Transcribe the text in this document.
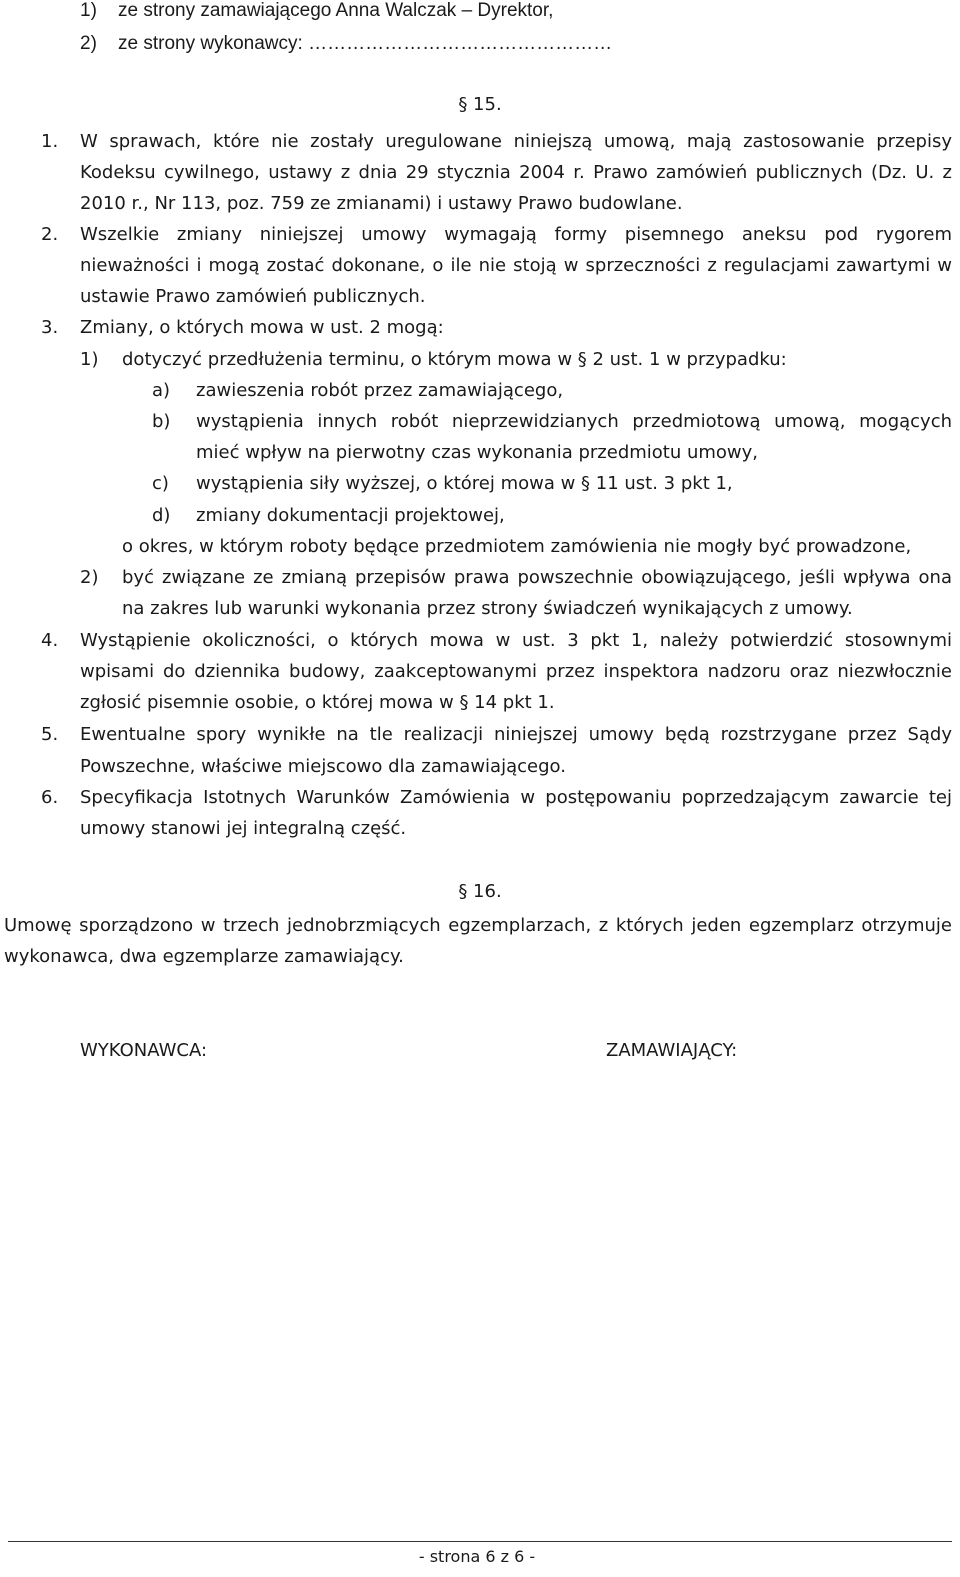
1) ze strony zamawiającego Anna Walczak – Dyrektor,
2) ze strony wykonawcy: …………………………………………
§ 15.
1. W sprawach, które nie zostały uregulowane niniejszą umową, mają zastosowanie przepisy
Kodeksu cywilnego, ustawy z dnia 29 stycznia 2004 r. Prawo zamówień publicznych (Dz. U. z
2010 r., Nr 113, poz. 759 ze zmianami) i ustawy Prawo budowlane.
2. Wszelkie zmiany niniejszej umowy wymagają formy pisemnego aneksu pod rygorem
nieważności i mogą zostać dokonane, o ile nie stoją w sprzeczności z regulacjami zawartymi w
ustawie Prawo zamówień publicznych.
3. Zmiany, o których mowa w ust. 2 mogą:
1) dotyczyć przedłużenia terminu, o którym mowa w § 2 ust. 1 w przypadku:
a) zawieszenia robót przez zamawiającego,
b) wystąpienia innych robót nieprzewidzianych przedmiotową umową, mogących
mieć wpływ na pierwotny czas wykonania przedmiotu umowy,
c) wystąpienia siły wyższej, o której mowa w § 11 ust. 3 pkt 1,
d) zmiany dokumentacji projektowej,
o okres, w którym roboty będące przedmiotem zamówienia nie mogły być prowadzone,
2) być związane ze zmianą przepisów prawa powszechnie obowiązującego, jeśli wpływa ona
na zakres lub warunki wykonania przez strony świadczeń wynikających z umowy.
4. Wystąpienie okoliczności, o których mowa w ust. 3 pkt 1, należy potwierdzić stosownymi
wpisami do dziennika budowy, zaakceptowanymi przez inspektora nadzoru oraz niezwłocznie
zgłosić pisemnie osobie, o której mowa w § 14 pkt 1.
5. Ewentualne spory wynikłe na tle realizacji niniejszej umowy będą rozstrzygane przez Sądy
Powszechne, właściwe miejscowo dla zamawiającego.
6. Specyfikacja Istotnych Warunków Zamówienia w postępowaniu poprzedzającym zawarcie tej
umowy stanowi jej integralną część.
§ 16.
Umowę sporządzono w trzech jednobrzmiących egzemplarzach, z których jeden egzemplarz otrzymuje
wykonawca, dwa egzemplarze zamawiający.
WYKONAWCA:	ZAMAWIAJĄCY:
- strona 6 z 6 -
